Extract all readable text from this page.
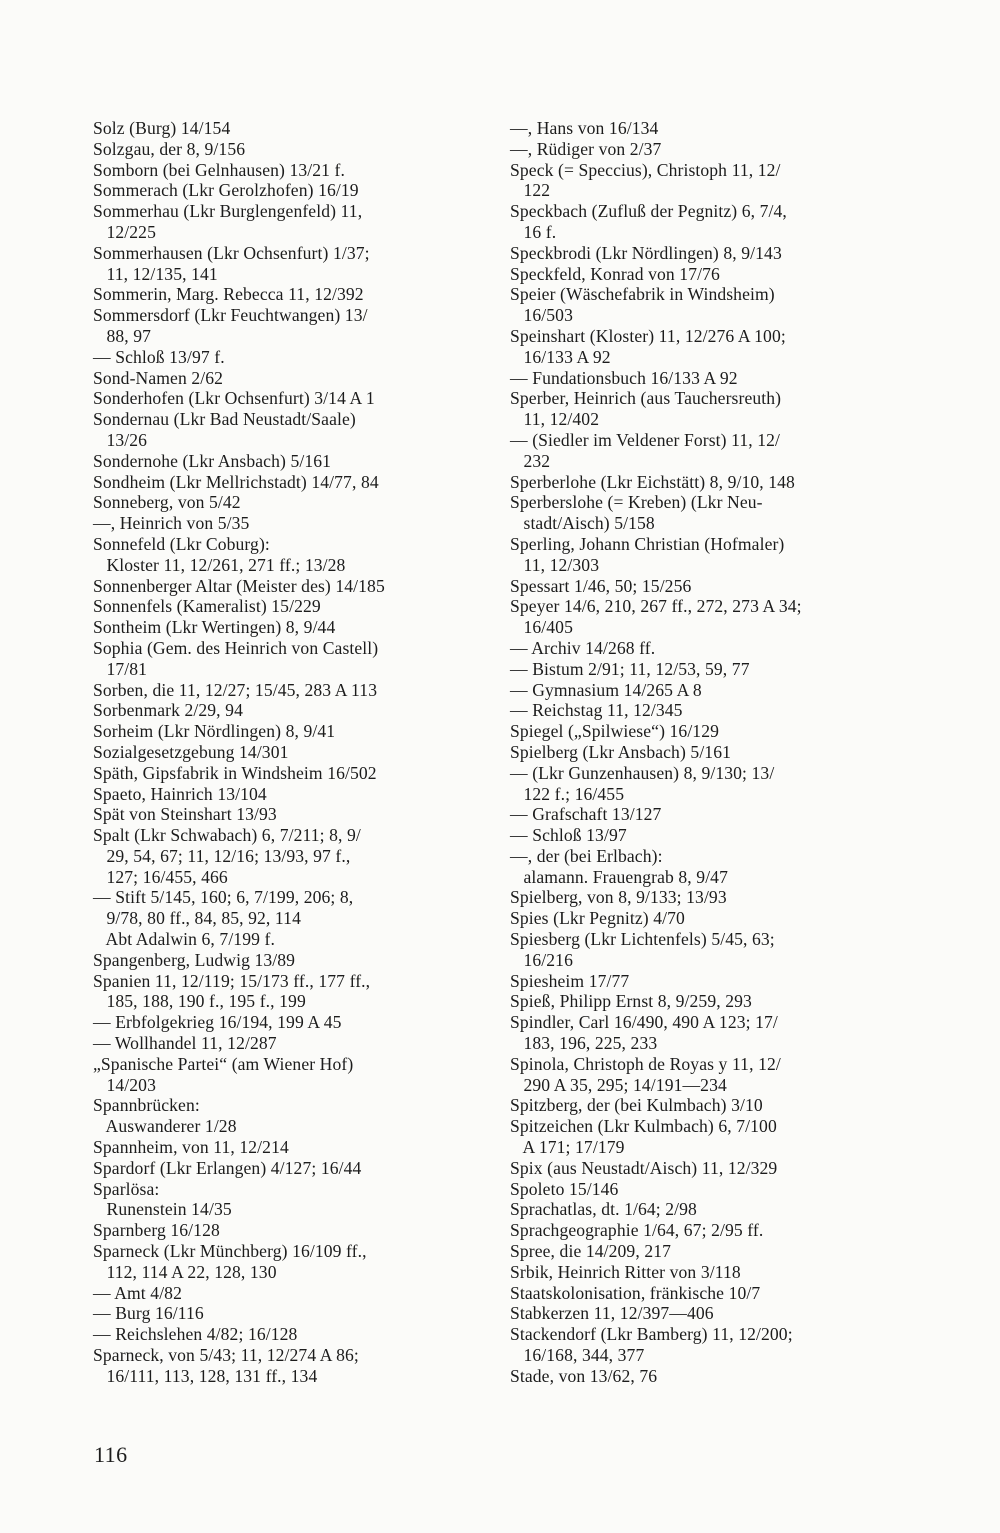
Solz (Burg) 14/154
Solzgau, der 8, 9/156
Somborn (bei Gelnhausen) 13/21 f.
Sommerach (Lkr Gerolzhofen) 16/19
Sommerhau (Lkr Burglengenfeld) 11,
12/225
Sommerhausen (Lkr Ochsenfurt) 1/37;
11, 12/135, 141
Sommerin, Marg. Rebecca 11, 12/392
Sommersdorf (Lkr Feuchtwangen) 13/
88, 97
— Schloß 13/97 f.
Sond-Namen 2/62
Sonderhofen (Lkr Ochsenfurt) 3/14 A 1
Sondernau (Lkr Bad Neustadt/Saale)
13/26
Sondernohe (Lkr Ansbach) 5/161
Sondheim (Lkr Mellrichstadt) 14/77, 84
Sonneberg, von 5/42
—, Heinrich von 5/35
Sonnefeld (Lkr Coburg):
Kloster 11, 12/261, 271 ff.; 13/28
Sonnenberger Altar (Meister des) 14/185
Sonnenfels (Kameralist) 15/229
Sontheim (Lkr Wertingen) 8, 9/44
Sophia (Gem. des Heinrich von Castell)
17/81
Sorben, die 11, 12/27; 15/45, 283 A 113
Sorbenmark 2/29, 94
Sorheim (Lkr Nördlingen) 8, 9/41
Sozialgesetzgebung 14/301
Späth, Gipsfabrik in Windsheim 16/502
Spaeto, Hainrich 13/104
Spät von Steinshart 13/93
Spalt (Lkr Schwabach) 6, 7/211; 8, 9/
29, 54, 67; 11, 12/16; 13/93, 97 f.,
127; 16/455, 466
— Stift 5/145, 160; 6, 7/199, 206; 8,
9/78, 80 ff., 84, 85, 92, 114
Abt Adalwin 6, 7/199 f.
Spangenberg, Ludwig 13/89
Spanien 11, 12/119; 15/173 ff., 177 ff.,
185, 188, 190 f., 195 f., 199
— Erbfolgekrieg 16/194, 199 A 45
— Wollhandel 11, 12/287
„Spanische Partei“ (am Wiener Hof)
14/203
Spannbrücken:
Auswanderer 1/28
Spannheim, von 11, 12/214
Spardorf (Lkr Erlangen) 4/127; 16/44
Sparlösa:
Runenstein 14/35
Sparnberg 16/128
Sparneck (Lkr Münchberg) 16/109 ff.,
112, 114 A 22, 128, 130
— Amt 4/82
— Burg 16/116
— Reichslehen 4/82; 16/128
Sparneck, von 5/43; 11, 12/274 A 86;
16/111, 113, 128, 131 ff., 134
—, Hans von 16/134
—, Rüdiger von 2/37
Speck (= Speccius), Christoph 11, 12/
122
Speckbach (Zufluß der Pegnitz) 6, 7/4,
16 f.
Speckbrodi (Lkr Nördlingen) 8, 9/143
Speckfeld, Konrad von 17/76
Speier (Wäschefabrik in Windsheim)
16/503
Speinshart (Kloster) 11, 12/276 A 100;
16/133 A 92
— Fundationsbuch 16/133 A 92
Sperber, Heinrich (aus Tauchersreuth)
11, 12/402
— (Siedler im Veldener Forst) 11, 12/
232
Sperberlohe (Lkr Eichstätt) 8, 9/10, 148
Sperberslohe (= Kreben) (Lkr Neu-
stadt/Aisch) 5/158
Sperling, Johann Christian (Hofmaler)
11, 12/303
Spessart 1/46, 50; 15/256
Speyer 14/6, 210, 267 ff., 272, 273 A 34;
16/405
— Archiv 14/268 ff.
— Bistum 2/91; 11, 12/53, 59, 77
— Gymnasium 14/265 A 8
— Reichstag 11, 12/345
Spiegel („Spilwiese“) 16/129
Spielberg (Lkr Ansbach) 5/161
— (Lkr Gunzenhausen) 8, 9/130; 13/
122 f.; 16/455
— Grafschaft 13/127
— Schloß 13/97
—, der (bei Erlbach):
alamann. Frauengrab 8, 9/47
Spielberg, von 8, 9/133; 13/93
Spies (Lkr Pegnitz) 4/70
Spiesberg (Lkr Lichtenfels) 5/45, 63;
16/216
Spiesheim 17/77
Spieß, Philipp Ernst 8, 9/259, 293
Spindler, Carl 16/490, 490 A 123; 17/
183, 196, 225, 233
Spinola, Christoph de Royas y 11, 12/
290 A 35, 295; 14/191—234
Spitzberg, der (bei Kulmbach) 3/10
Spitzeichen (Lkr Kulmbach) 6, 7/100
A 171; 17/179
Spix (aus Neustadt/Aisch) 11, 12/329
Spoleto 15/146
Sprachatlas, dt. 1/64; 2/98
Sprachgeographie 1/64, 67; 2/95 ff.
Spree, die 14/209, 217
Srbik, Heinrich Ritter von 3/118
Staatskolonisation, fränkische 10/7
Stabkerzen 11, 12/397—406
Stackendorf (Lkr Bamberg) 11, 12/200;
16/168, 344, 377
Stade, von 13/62, 76
116
